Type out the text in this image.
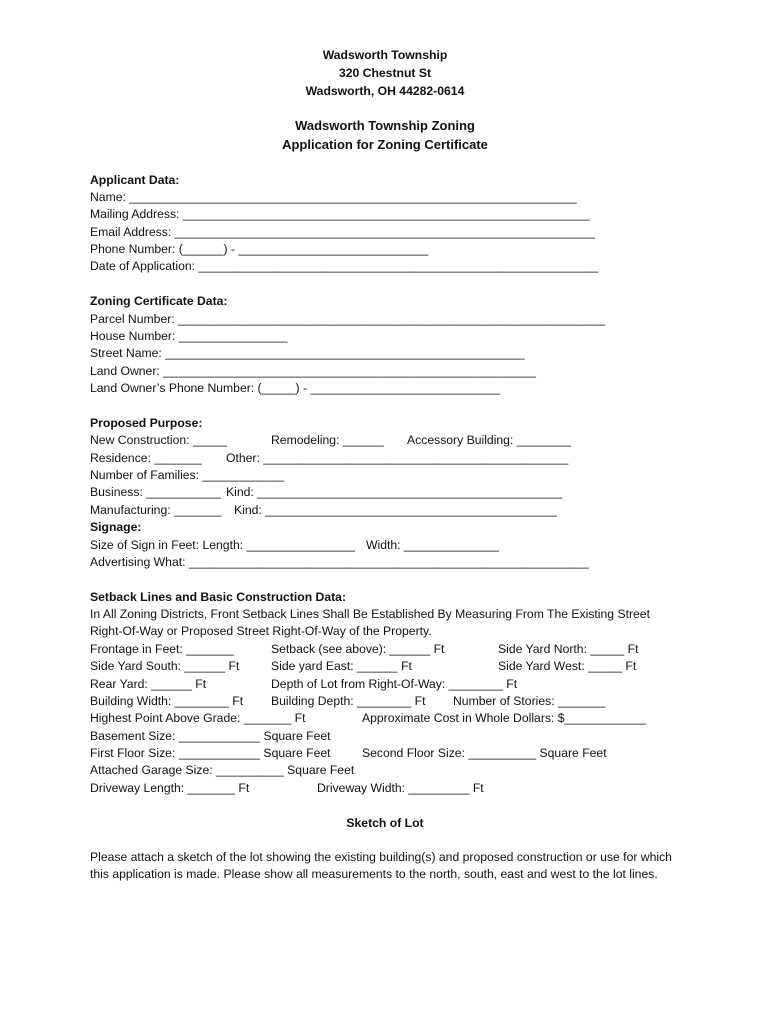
Wadsworth Township
320 Chestnut St
Wadsworth, OH 44282-0614
Wadsworth Township Zoning
Application for Zoning Certificate
Applicant Data:
Name: __________________________________________________________________
Mailing Address: ____________________________________________________________
Email Address: ______________________________________________________________
Phone Number: (______) - ____________________________
Date of Application: ___________________________________________________________
Zoning Certificate Data:
Parcel Number: _______________________________________________________________
House Number: ________________
Street Name: _____________________________________________________
Land Owner: _______________________________________________________
Land Owner’s Phone Number: (_____) - ____________________________
Proposed Purpose:
New Construction: _____	Remodeling: ______ Accessory Building: ________
Residence: _______ Other: _____________________________________________
Number of Families: ____________
Business: ___________ Kind: _____________________________________________
Manufacturing: _______ Kind: ___________________________________________
Signage:
Size of Sign in Feet: Length: ________________ Width: ______________
Advertising What: ___________________________________________________________
Setback Lines and Basic Construction Data:
In All Zoning Districts, Front Setback Lines Shall Be Established By Measuring From The Existing Street
Right-Of-Way or Proposed Street Right-Of-Way of the Property.
Frontage in Feet: _______	Setback (see above): ______ Ft	Side Yard North: _____ Ft
Side Yard South: ______ Ft	Side yard East: ______ Ft	Side Yard West: _____ Ft
Rear Yard: ______ Ft	Depth of Lot from Right-Of-Way: ________ Ft
Building Width: ________ Ft Building Depth: ________ Ft Number of Stories: _______
Highest Point Above Grade: _______ Ft	Approximate Cost in Whole Dollars: $____________
Basement Size: ____________ Square Feet
First Floor Size: ____________ Square Feet	Second Floor Size: __________ Square Feet
Attached Garage Size: __________ Square Feet
Driveway Length: _______ Ft	Driveway Width: _________ Ft
Sketch of Lot
Please attach a sketch of the lot showing the existing building(s) and proposed construction or use for which this application is made. Please show all measurements to the north, south, east and west to the lot lines.
